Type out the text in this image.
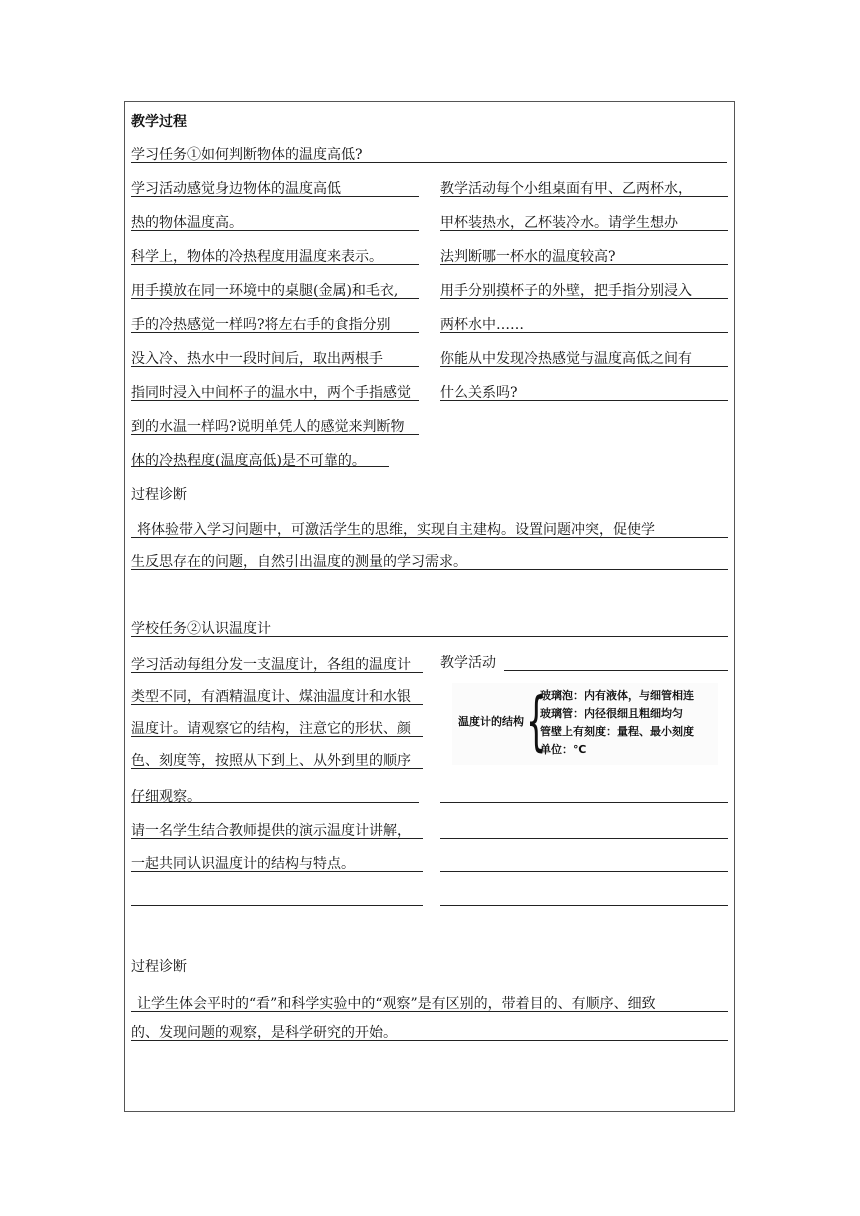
教学过程
学习任务①如何判断物体的温度高低?
学习活动感觉身边物体的温度高低
热的物体温度高。
科学上，物体的冷热程度用温度来表示。
用手摸放在同一环境中的桌腿(金属)和毛衣,
手的冷热感觉一样吗?将左右手的食指分别
没入冷、热水中一段时间后，取出两根手
指同时浸入中间杯子的温水中，两个手指感觉
到的水温一样吗?说明单凭人的感觉来判断物
体的冷热程度(温度高低)是不可靠的。
教学活动每个小组桌面有甲、乙两杯水，
甲杯装热水，乙杯装冷水。请学生想办
法判断哪一杯水的温度较高?
用手分别摸杯子的外壁，把手指分别浸入
两杯水中……
你能从中发现冷热感觉与温度高低之间有
什么关系吗?
过程诊断
将体验带入学习问题中，可激活学生的思维，实现自主建构。设置问题冲突，促使学
生反思存在的问题，自然引出温度的测量的学习需求。
学校任务②认识温度计
学习活动每组分发一支温度计，各组的温度计
类型不同，有酒精温度计、煤油温度计和水银
温度计。请观察它的结构，注意它的形状、颜
色、刻度等，按照从下到上、从外到里的顺序
仔细观察。
请一名学生结合教师提供的演示温度计讲解，
一起共同认识温度计的结构与特点。
教学活动
温度计的结构 {
玻璃泡：内有液体，与细管相连
玻璃管：内径很细且粗细均匀
管壁上有刻度：量程、最小刻度
单位：℃
过程诊断
让学生体会平时的“看”和科学实验中的“观察”是有区别的，带着目的、有顺序、细致
的、发现问题的观察，是科学研究的开始。
